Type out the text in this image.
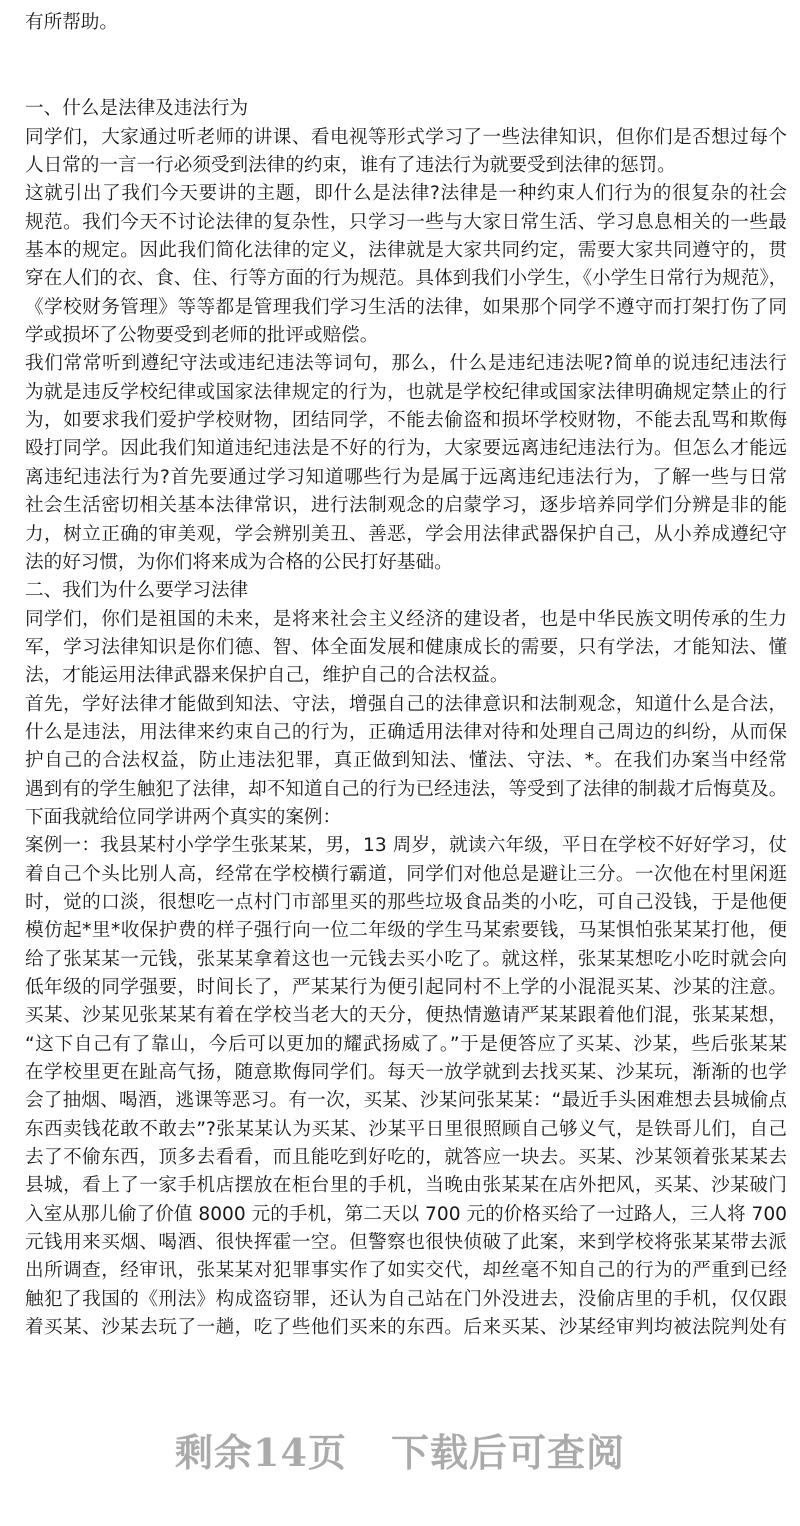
有所帮助。
一、什么是法律及违法行为
同学们，大家通过听老师的讲课、看电视等形式学习了一些法律知识，但你们是否想过每个
人日常的一言一行必须受到法律的约束，谁有了违法行为就要受到法律的惩罚。
这就引出了我们今天要讲的主题，即什么是法律?法律是一种约束人们行为的很复杂的社会
规范。我们今天不讨论法律的复杂性，只学习一些与大家日常生活、学习息息相关的一些最
基本的规定。因此我们简化法律的定义，法律就是大家共同约定，需要大家共同遵守的，贯
穿在人们的衣、食、住、行等方面的行为规范。具体到我们小学生，《小学生日常行为规范》，
《学校财务管理》等等都是管理我们学习生活的法律，如果那个同学不遵守而打架打伤了同
学或损坏了公物要受到老师的批评或赔偿。
我们常常听到遵纪守法或违纪违法等词句，那么，什么是违纪违法呢?简单的说违纪违法行
为就是违反学校纪律或国家法律规定的行为，也就是学校纪律或国家法律明确规定禁止的行
为，如要求我们爱护学校财物，团结同学，不能去偷盗和损坏学校财物，不能去乱骂和欺侮
殴打同学。因此我们知道违纪违法是不好的行为，大家要远离违纪违法行为。但怎么才能远
离违纪违法行为?首先要通过学习知道哪些行为是属于远离违纪违法行为，了解一些与日常
社会生活密切相关基本法律常识，进行法制观念的启蒙学习，逐步培养同学们分辨是非的能
力，树立正确的审美观，学会辨别美丑、善恶，学会用法律武器保护自己，从小养成遵纪守
法的好习惯，为你们将来成为合格的公民打好基础。
二、我们为什么要学习法律
同学们，你们是祖国的未来，是将来社会主义经济的建设者，也是中华民族文明传承的生力
军，学习法律知识是你们德、智、体全面发展和健康成长的需要，只有学法，才能知法、懂
法，才能运用法律武器来保护自己，维护自己的合法权益。
首先，学好法律才能做到知法、守法，增强自己的法律意识和法制观念，知道什么是合法，
什么是违法，用法律来约束自己的行为，正确适用法律对待和处理自己周边的纠纷，从而保
护自己的合法权益，防止违法犯罪，真正做到知法、懂法、守法、*。在我们办案当中经常
遇到有的学生触犯了法律，却不知道自己的行为已经违法，等受到了法律的制裁才后悔莫及。
下面我就给位同学讲两个真实的案例：
案例一：我县某村小学学生张某某，男，13 周岁，就读六年级，平日在学校不好好学习，仗
着自己个头比别人高，经常在学校横行霸道，同学们对他总是避让三分。一次他在村里闲逛
时，觉的口淡，很想吃一点村门市部里买的那些垃圾食品类的小吃，可自己没钱，于是他便
模仿起*里*收保护费的样子强行向一位二年级的学生马某索要钱，马某惧怕张某某打他，便
给了张某某一元钱，张某某拿着这也一元钱去买小吃了。就这样，张某某想吃小吃时就会向
低年级的同学强要，时间长了，严某某行为便引起同村不上学的小混混买某、沙某的注意。
买某、沙某见张某某有着在学校当老大的天分，便热情邀请严某某跟着他们混，张某某想，
“这下自己有了靠山，今后可以更加的耀武扬威了。”于是便答应了买某、沙某，些后张某某
在学校里更在趾高气扬，随意欺侮同学们。每天一放学就到去找买某、沙某玩，渐渐的也学
会了抽烟、喝酒，逃课等恶习。有一次，买某、沙某问张某某：“最近手头困难想去县城偷点
东西卖钱花敢不敢去”?张某某认为买某、沙某平日里很照顾自己够义气，是铁哥儿们，自己
去了不偷东西，顶多去看看，而且能吃到好吃的，就答应一块去。买某、沙某领着张某某去
县城，看上了一家手机店摆放在柜台里的手机，当晚由张某某在店外把风，买某、沙某破门
入室从那儿偷了价值 8000 元的手机，第二天以 700 元的价格买给了一过路人，三人将 700
元钱用来买烟、喝酒、很快挥霍一空。但警察也很快侦破了此案，来到学校将张某某带去派
出所调查，经审讯，张某某对犯罪事实作了如实交代，却丝毫不知自己的行为的严重到已经
触犯了我国的《刑法》构成盗窃罪，还认为自己站在门外没进去，没偷店里的手机，仅仅跟
着买某、沙某去玩了一趟，吃了些他们买来的东西。后来买某、沙某经审判均被法院判处有
剩余14页 下载后可查阅
